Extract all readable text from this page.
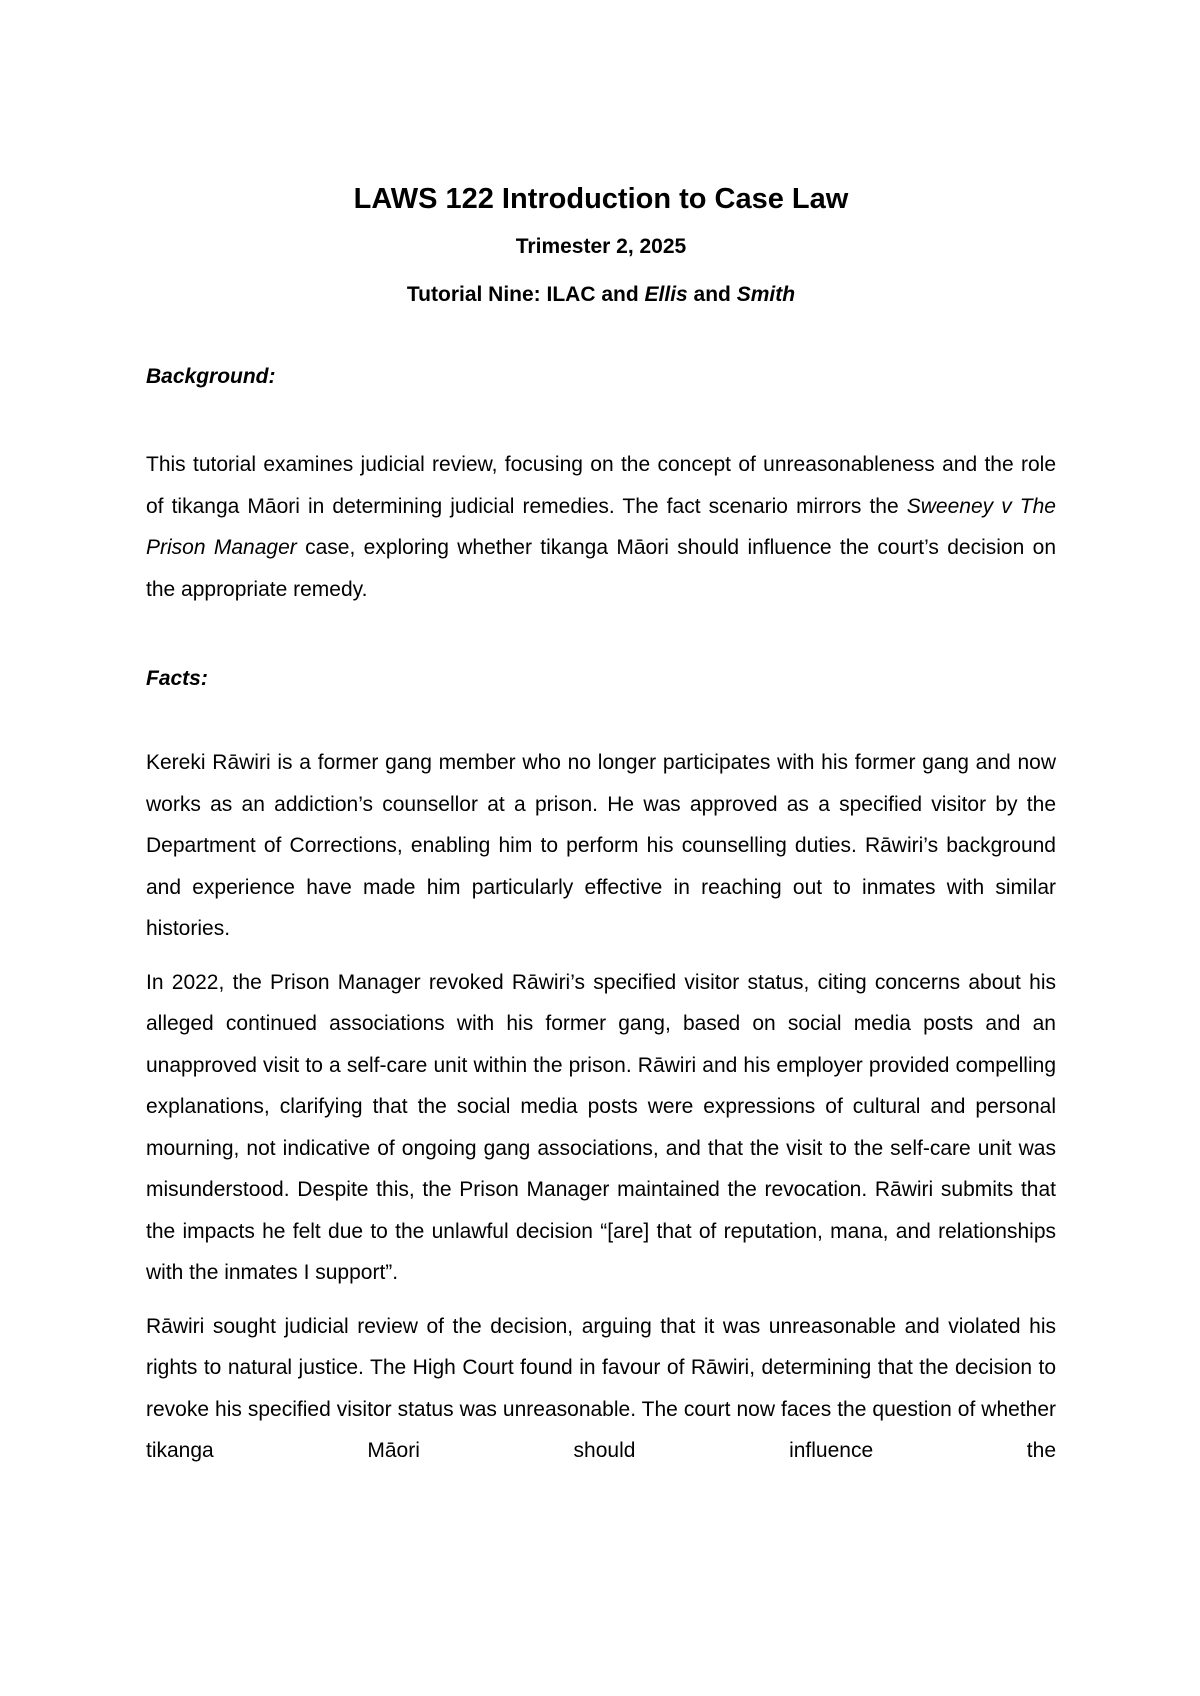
LAWS 122 Introduction to Case Law

Trimester 2, 2025

Tutorial Nine: ILAC and Ellis and Smith

Background:

This tutorial examines judicial review, focusing on the concept of unreasonableness and the role of tikanga Māori in determining judicial remedies. The fact scenario mirrors the Sweeney v The Prison Manager case, exploring whether tikanga Māori should influence the court’s decision on the appropriate remedy.

Facts:

Kereki Rāwiri is a former gang member who no longer participates with his former gang and now works as an addiction’s counsellor at a prison. He was approved as a specified visitor by the Department of Corrections, enabling him to perform his counselling duties. Rāwiri’s background and experience have made him particularly effective in reaching out to inmates with similar histories.

In 2022, the Prison Manager revoked Rāwiri’s specified visitor status, citing concerns about his alleged continued associations with his former gang, based on social media posts and an unapproved visit to a self-care unit within the prison. Rāwiri and his employer provided compelling explanations, clarifying that the social media posts were expressions of cultural and personal mourning, not indicative of ongoing gang associations, and that the visit to the self-care unit was misunderstood. Despite this, the Prison Manager maintained the revocation. Rāwiri submits that the impacts he felt due to the unlawful decision “[are] that of reputation, mana, and relationships with the inmates I support”.

Rāwiri sought judicial review of the decision, arguing that it was unreasonable and violated his rights to natural justice. The High Court found in favour of Rāwiri, determining that the decision to revoke his specified visitor status was unreasonable. The court now faces the question of whether tikanga Māori should influence the
